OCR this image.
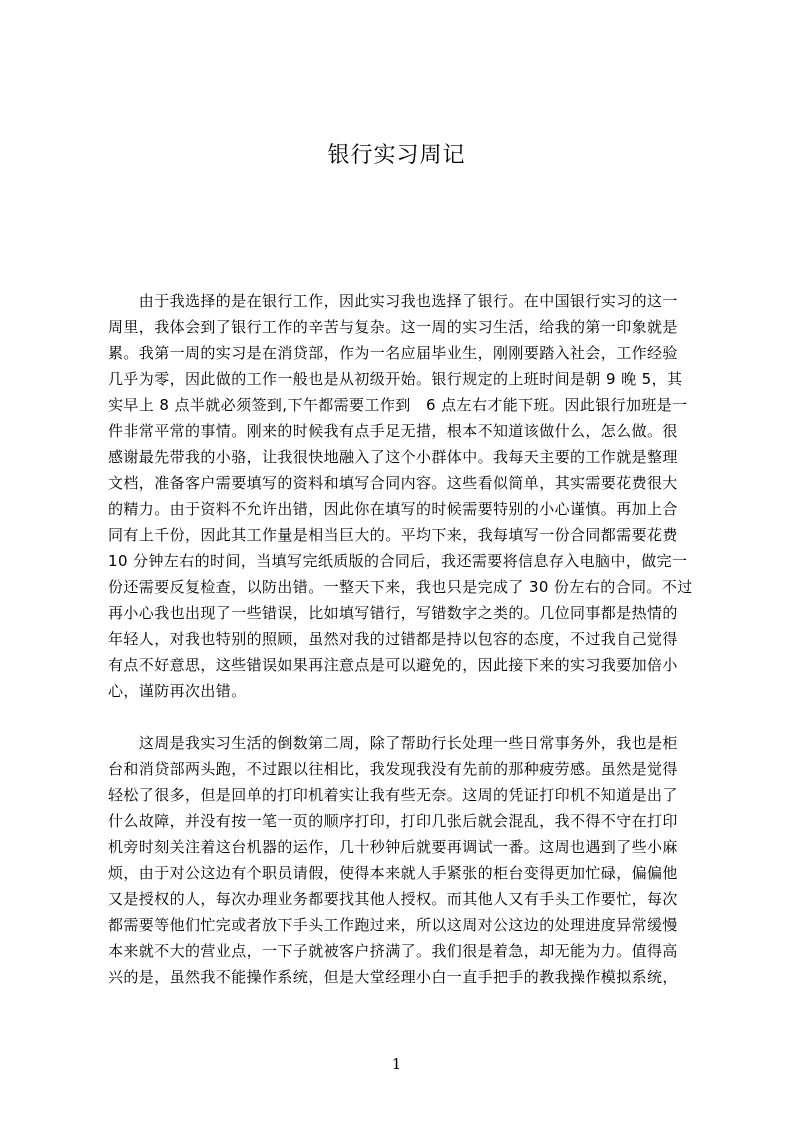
银行实习周记
　　由于我选择的是在银行工作，因此实习我也选择了银行。在中国银行实习的这一
周里，我体会到了银行工作的辛苦与复杂。这一周的实习生活，给我的第一印象就是
累。我第一周的实习是在消贷部，作为一名应届毕业生，刚刚要踏入社会，工作经验
几乎为零，因此做的工作一般也是从初级开始。银行规定的上班时间是朝 9 晚 5，其
实早上 8 点半就必须签到,下午都需要工作到　6 点左右才能下班。因此银行加班是一
件非常平常的事情。刚来的时候我有点手足无措，根本不知道该做什么，怎么做。很
感谢最先带我的小骆，让我很快地融入了这个小群体中。我每天主要的工作就是整理
文档，准备客户需要填写的资料和填写合同内容。这些看似简单，其实需要花费很大
的精力。由于资料不允许出错，因此你在填写的时候需要特别的小心谨慎。再加上合
同有上千份，因此其工作量是相当巨大的。平均下来，我每填写一份合同都需要花费
10 分钟左右的时间，当填写完纸质版的合同后，我还需要将信息存入电脑中，做完一
份还需要反复检查，以防出错。一整天下来，我也只是完成了 30 份左右的合同。不过
再小心我也出现了一些错误，比如填写错行，写错数字之类的。几位同事都是热情的
年轻人，对我也特别的照顾，虽然对我的过错都是持以包容的态度，不过我自己觉得
有点不好意思，这些错误如果再注意点是可以避免的，因此接下来的实习我要加倍小
心，谨防再次出错。
　　这周是我实习生活的倒数第二周，除了帮助行长处理一些日常事务外，我也是柜
台和消贷部两头跑，不过跟以往相比，我发现我没有先前的那种疲劳感。虽然是觉得
轻松了很多，但是回单的打印机着实让我有些无奈。这周的凭证打印机不知道是出了
什么故障，并没有按一笔一页的顺序打印，打印几张后就会混乱，我不得不守在打印
机旁时刻关注着这台机器的运作，几十秒钟后就要再调试一番。这周也遇到了些小麻
烦，由于对公这边有个职员请假，使得本来就人手紧张的柜台变得更加忙碌，偏偏他
又是授权的人，每次办理业务都要找其他人授权。而其他人又有手头工作要忙，每次
都需要等他们忙完或者放下手头工作跑过来，所以这周对公这边的处理进度异常缓慢
本来就不大的营业点，一下子就被客户挤满了。我们很是着急，却无能为力。值得高
兴的是，虽然我不能操作系统，但是大堂经理小白一直手把手的教我操作模拟系统，
1
